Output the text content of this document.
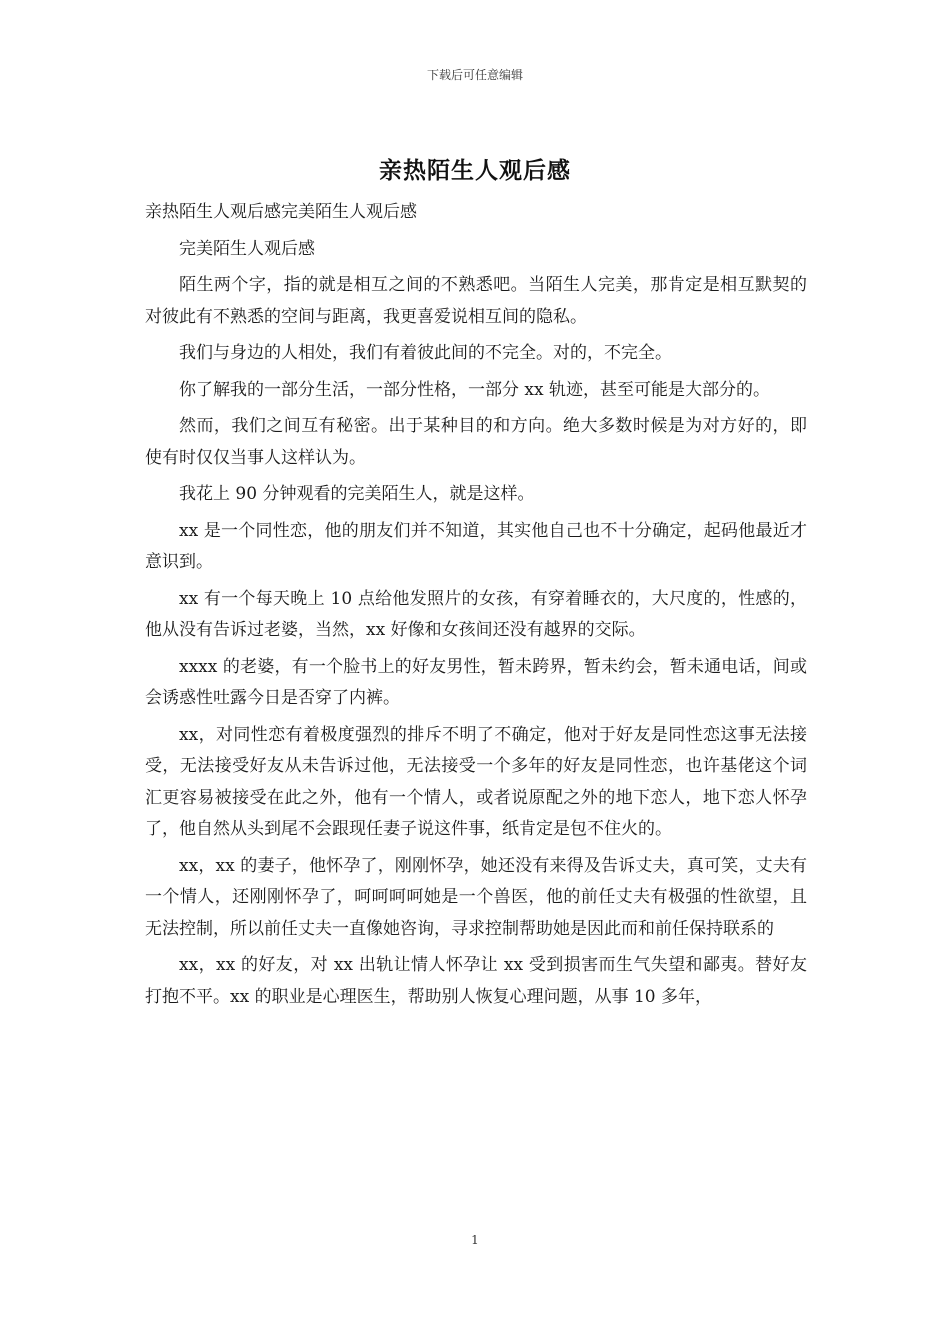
下载后可任意编辑
亲热陌生人观后感

亲热陌生人观后感完美陌生人观后感

完美陌生人观后感

陌生两个字，指的就是相互之间的不熟悉吧。当陌生人完美，那肯定是相互默契的对彼此有不熟悉的空间与距离，我更喜爱说相互间的隐私。

我们与身边的人相处，我们有着彼此间的不完全。对的，不完全。

你了解我的一部分生活，一部分性格，一部分 xx 轨迹，甚至可能是大部分的。

然而，我们之间互有秘密。出于某种目的和方向。绝大多数时候是为对方好的，即使有时仅仅当事人这样认为。

我花上 90 分钟观看的完美陌生人，就是这样。

xx 是一个同性恋，他的朋友们并不知道，其实他自己也不十分确定，起码他最近才意识到。

xx 有一个每天晚上 10 点给他发照片的女孩，有穿着睡衣的，大尺度的，性感的，他从没有告诉过老婆，当然，xx 好像和女孩间还没有越界的交际。

xxxx 的老婆，有一个脸书上的好友男性，暂未跨界，暂未约会，暂未通电话，间或会诱惑性吐露今日是否穿了内裤。

xx，对同性恋有着极度强烈的排斥不明了不确定，他对于好友是同性恋这事无法接受，无法接受好友从未告诉过他，无法接受一个多年的好友是同性恋，也许基佬这个词汇更容易被接受在此之外，他有一个情人，或者说原配之外的地下恋人，地下恋人怀孕了，他自然从头到尾不会跟现任妻子说这件事，纸肯定是包不住火的。

xx，xx 的妻子，他怀孕了，刚刚怀孕，她还没有来得及告诉丈夫，真可笑，丈夫有一个情人，还刚刚怀孕了，呵呵呵呵她是一个兽医，他的前任丈夫有极强的性欲望，且无法控制，所以前任丈夫一直像她咨询，寻求控制帮助她是因此而和前任保持联系的

xx，xx 的好友，对 xx 出轨让情人怀孕让 xx 受到损害而生气失望和鄙夷。替好友打抱不平。xx 的职业是心理医生，帮助别人恢复心理问题，从事 10 多年，

1
